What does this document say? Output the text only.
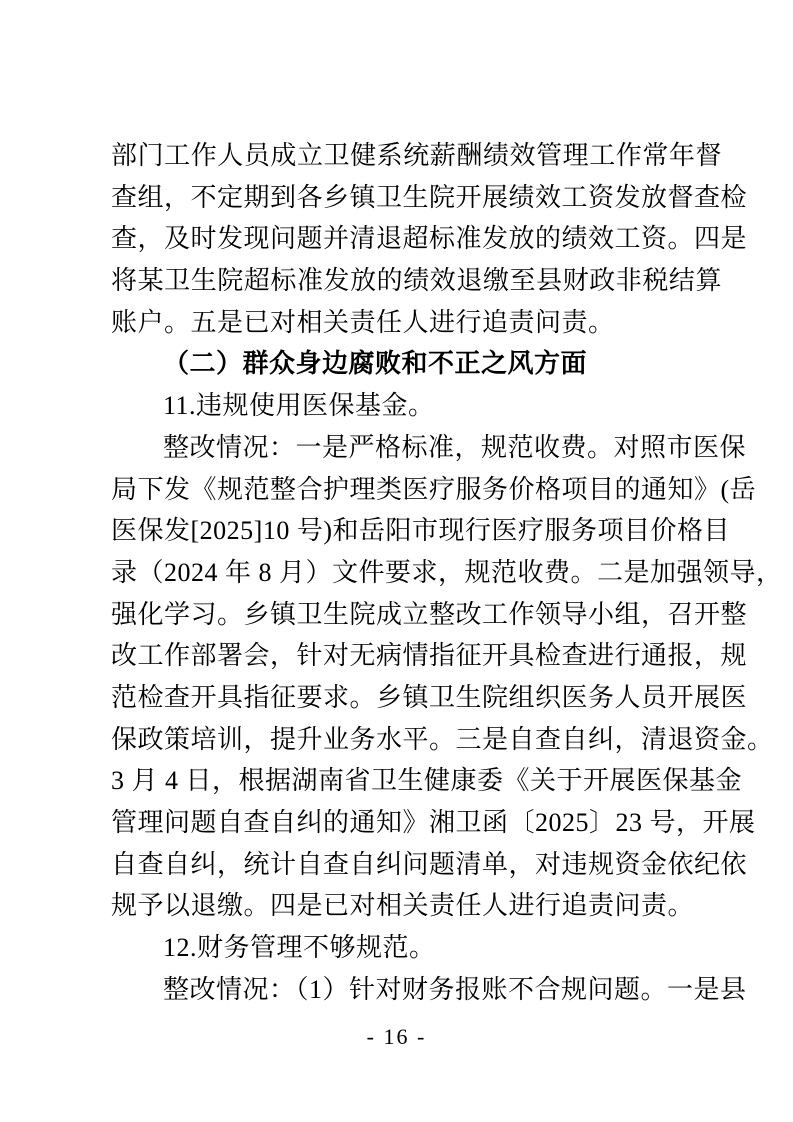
部门工作人员成立卫健系统薪酬绩效管理工作常年督
查组，不定期到各乡镇卫生院开展绩效工资发放督查检
查，及时发现问题并清退超标准发放的绩效工资。四是
将某卫生院超标准发放的绩效退缴至县财政非税结算
账户。五是已对相关责任人进行追责问责。
（二）群众身边腐败和不正之风方面
11.违规使用医保基金。
整改情况：一是严格标准，规范收费。对照市医保
局下发《规范整合护理类医疗服务价格项目的通知》(岳
医保发[2025]10 号)和岳阳市现行医疗服务项目价格目
录（2024 年 8 月）文件要求，规范收费。二是加强领导，
强化学习。乡镇卫生院成立整改工作领导小组，召开整
改工作部署会，针对无病情指征开具检查进行通报，规
范检查开具指征要求。乡镇卫生院组织医务人员开展医
保政策培训，提升业务水平。三是自查自纠，清退资金。
3 月 4 日，根据湖南省卫生健康委《关于开展医保基金
管理问题自查自纠的通知》湘卫函〔2025〕23 号，开展
自查自纠，统计自查自纠问题清单，对违规资金依纪依
规予以退缴。四是已对相关责任人进行追责问责。
12.财务管理不够规范。
整改情况：（1）针对财务报账不合规问题。一是县
- 16 -
